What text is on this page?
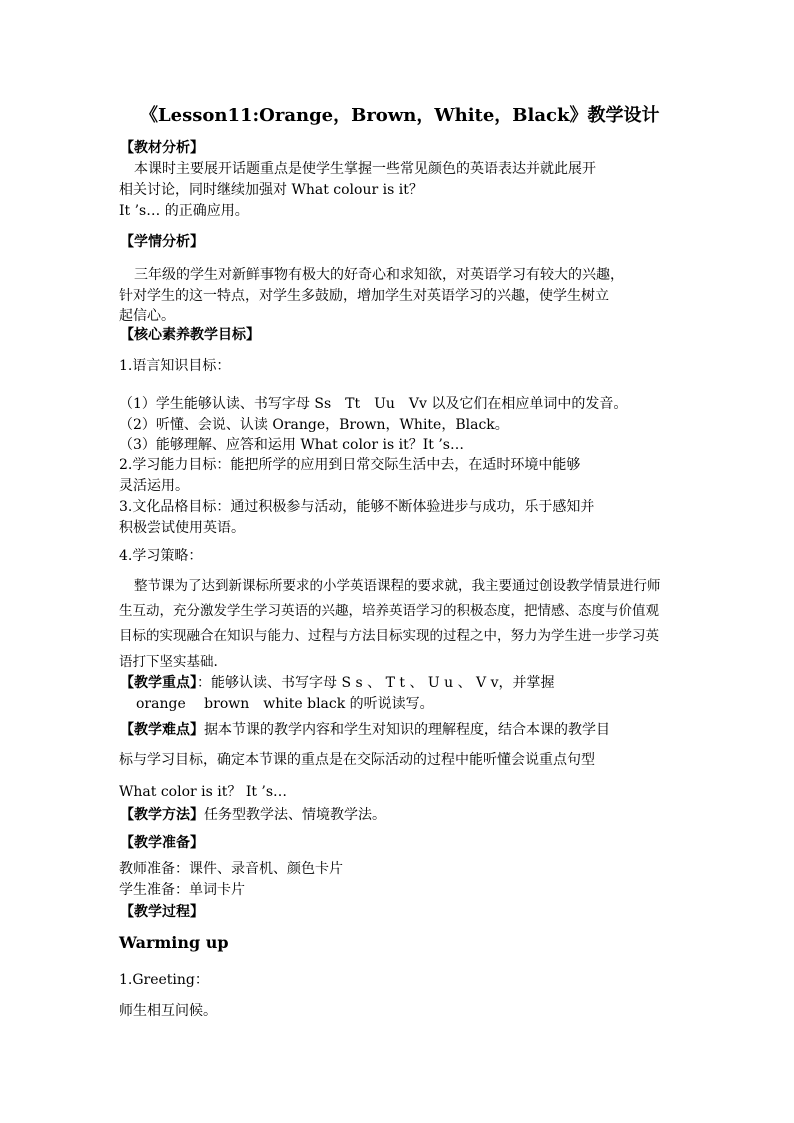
《Lesson11:Orange，Brown，White，Black》教学设计
【教材分析】
本课时主要展开话题重点是使学生掌握一些常见颜色的英语表达并就此展开
相关讨论，同时继续加强对 What colour is it？
It ’s… 的正确应用。
【学情分析】
三年级的学生对新鲜事物有极大的好奇心和求知欲，对英语学习有较大的兴趣，
针对学生的这一特点，对学生多鼓励，增加学生对英语学习的兴趣，使学生树立
起信心。
【核心素养教学目标】
1.语言知识目标：
（1）学生能够认读、书写字母 Ss　Tt　Uu　Vv 以及它们在相应单词中的发音。
（2）听懂、会说、认读 Orange，Brown，White，Black。
（3）能够理解、应答和运用 What color is it？It ’s…
2.学习能力目标：能把所学的应用到日常交际生活中去，在适时环境中能够
灵活运用。
3.文化品格目标：通过积极参与活动，能够不断体验进步与成功，乐于感知并
积极尝试使用英语。
4.学习策略：
整节课为了达到新课标所要求的小学英语课程的要求就，我主要通过创设教学情景进行师
生互动，充分激发学生学习英语的兴趣，培养英语学习的积极态度，把情感、态度与价值观
目标的实现融合在知识与能力、过程与方法目标实现的过程之中，努力为学生进一步学习英
语打下坚实基础.
【教学重点】：能够认读、书写字母 S s 、 T t 、 U u 、 V v，并掌握
orange　 brown　white black 的听说读写。
【教学难点】据本节课的教学内容和学生对知识的理解程度，结合本课的教学目
标与学习目标，确定本节课的重点是在交际活动的过程中能听懂会说重点句型
What color is it？ It ’s…
【教学方法】任务型教学法、情境教学法。
【教学准备】
教师准备：课件、录音机、颜色卡片
学生准备：单词卡片
【教学过程】
Warming up
1.Greeting：
师生相互问候。
